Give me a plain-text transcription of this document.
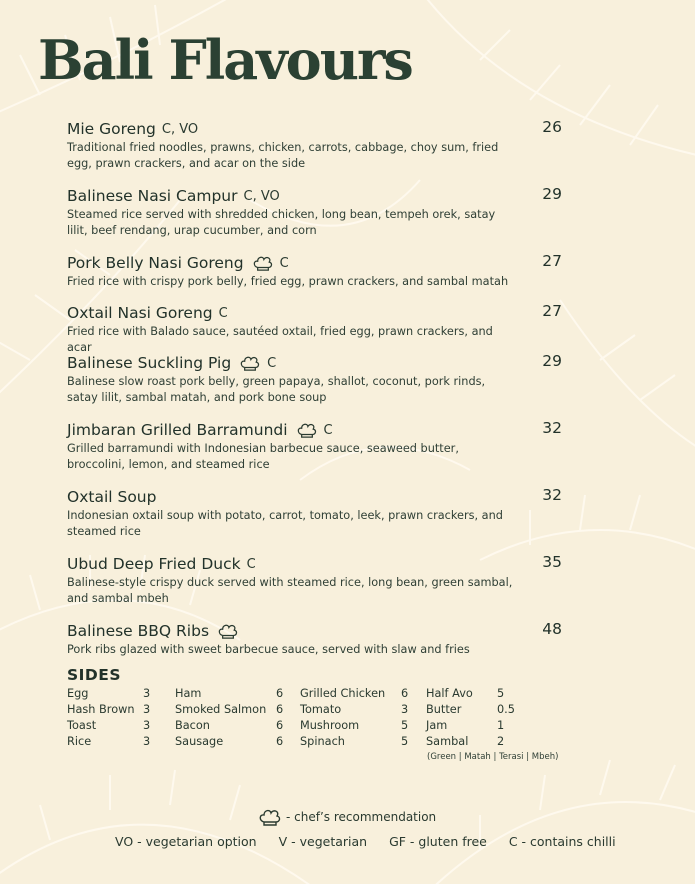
Bali Flavours
Mie Goreng C, VO	26
Traditional fried noodles, prawns, chicken, carrots, cabbage, choy sum, fried egg, prawn crackers, and acar on the side
Balinese Nasi Campur C, VO	29
Steamed rice served with shredded chicken, long bean, tempeh orek, satay lilit, beef rendang, urap cucumber, and corn
Pork Belly Nasi Goreng	C	27
Fried rice with crispy pork belly, fried egg, prawn crackers, and sambal matah
Oxtail Nasi Goreng C	27
Fried rice with Balado sauce, sautéed oxtail, fried egg, prawn crackers, and acar
Balinese Suckling Pig	C	29
Balinese slow roast pork belly, green papaya, shallot, coconut, pork rinds, satay lilit, sambal matah, and pork bone soup
Jimbaran Grilled Barramundi	C	32
Grilled barramundi with Indonesian barbecue sauce, seaweed butter, broccolini, lemon, and steamed rice
Oxtail Soup	32
Indonesian oxtail soup with potato, carrot, tomato, leek, prawn crackers, and steamed rice
Ubud Deep Fried Duck C	35
Balinese-style crispy duck served with steamed rice, long bean, green sambal, and sambal mbeh
Balinese BBQ Ribs	48
Pork ribs glazed with sweet barbecue sauce, served with slaw and fries
SIDES
Egg	3
Hash Brown 3
Toast	3
Rice	3
Ham	6
Smoked Salmon 6
Bacon	6
Sausage	6
Grilled Chicken 6
Tomato	3
Mushroom	5
Spinach	5
Half Avo 5
Butter	0.5
Jam	1
Sambal	2
(Green | Matah | Terasi | Mbeh)
- chef’s recommendation
VO - vegetarian option V - vegetarian GF - gluten free C - contains chilli
